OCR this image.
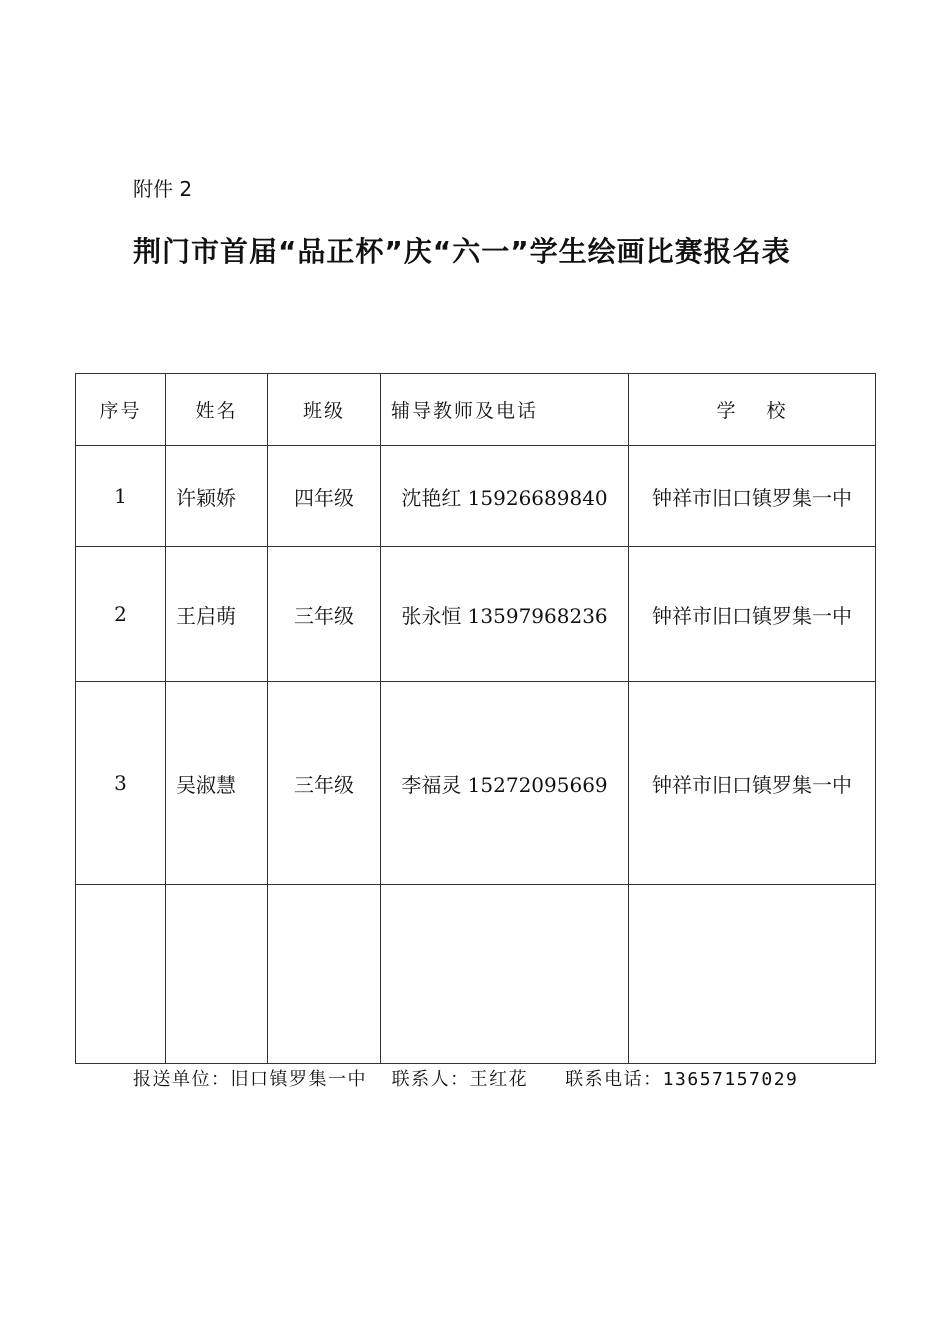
附件 2
荆门市首届“品正杯”庆“六一”学生绘画比赛报名表
序号	姓名	班级	辅导教师及电话	学　 校
1	许颖娇	四年级	沈艳红 15926689840	钟祥市旧口镇罗集一中
2	王启萌	三年级	张永恒 13597968236	钟祥市旧口镇罗集一中
3	吴淑慧	三年级	李福灵 15272095669	钟祥市旧口镇罗集一中

报送单位：旧口镇罗集一中  联系人：王红花   联系电话：13657157029
